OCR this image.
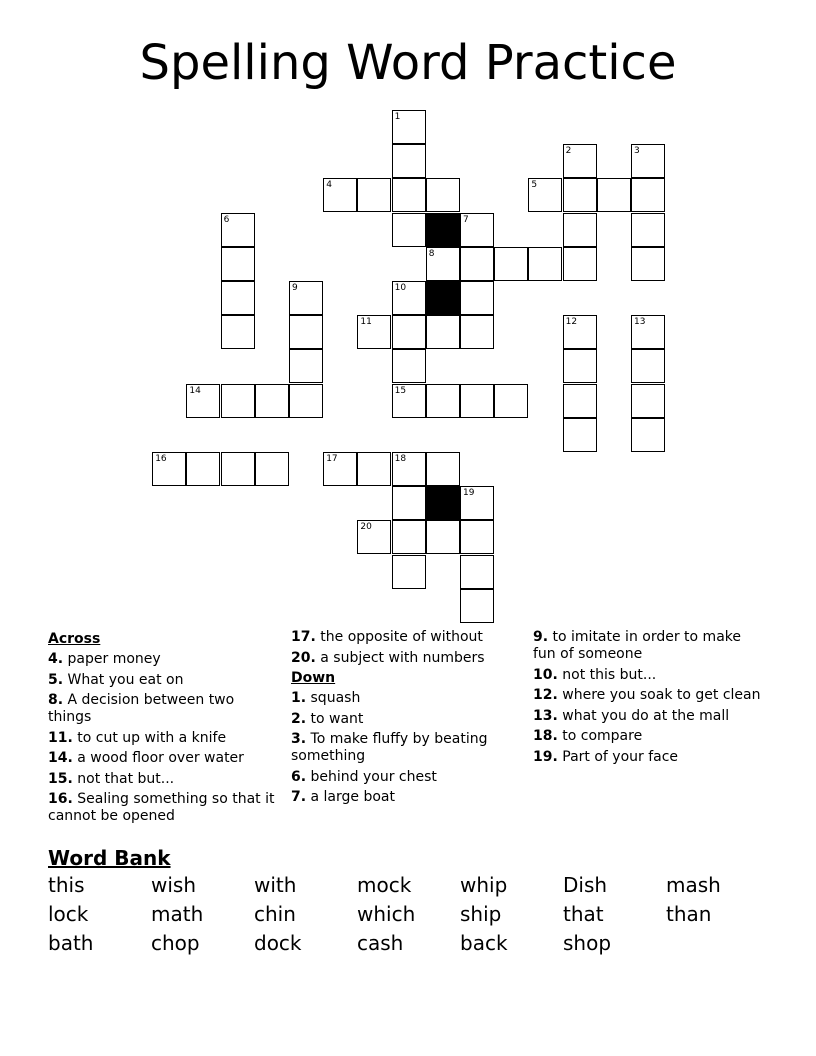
Spelling Word Practice
1
2	3
4	5
6	7
8
9	10
11	12	13
14	15
16	17	18
19
20
Across
4. paper money
5. What you eat on
8. A decision between two things
11. to cut up with a knife
14. a wood floor over water
15. not that but...
16. Sealing something so that it cannot be opened
17. the opposite of without
20. a subject with numbers
Down
1. squash
2. to want
3. To make fluffy by beating something
6. behind your chest
7. a large boat
9. to imitate in order to make fun of someone
10. not this but...
12. where you soak to get clean
13. what you do at the mall
18. to compare
19. Part of your face
Word Bank
this	wish	with	mock	whip	Dish	mash
lock	math	chin	which	ship	that	than
bath	chop	dock	cash	back	shop
